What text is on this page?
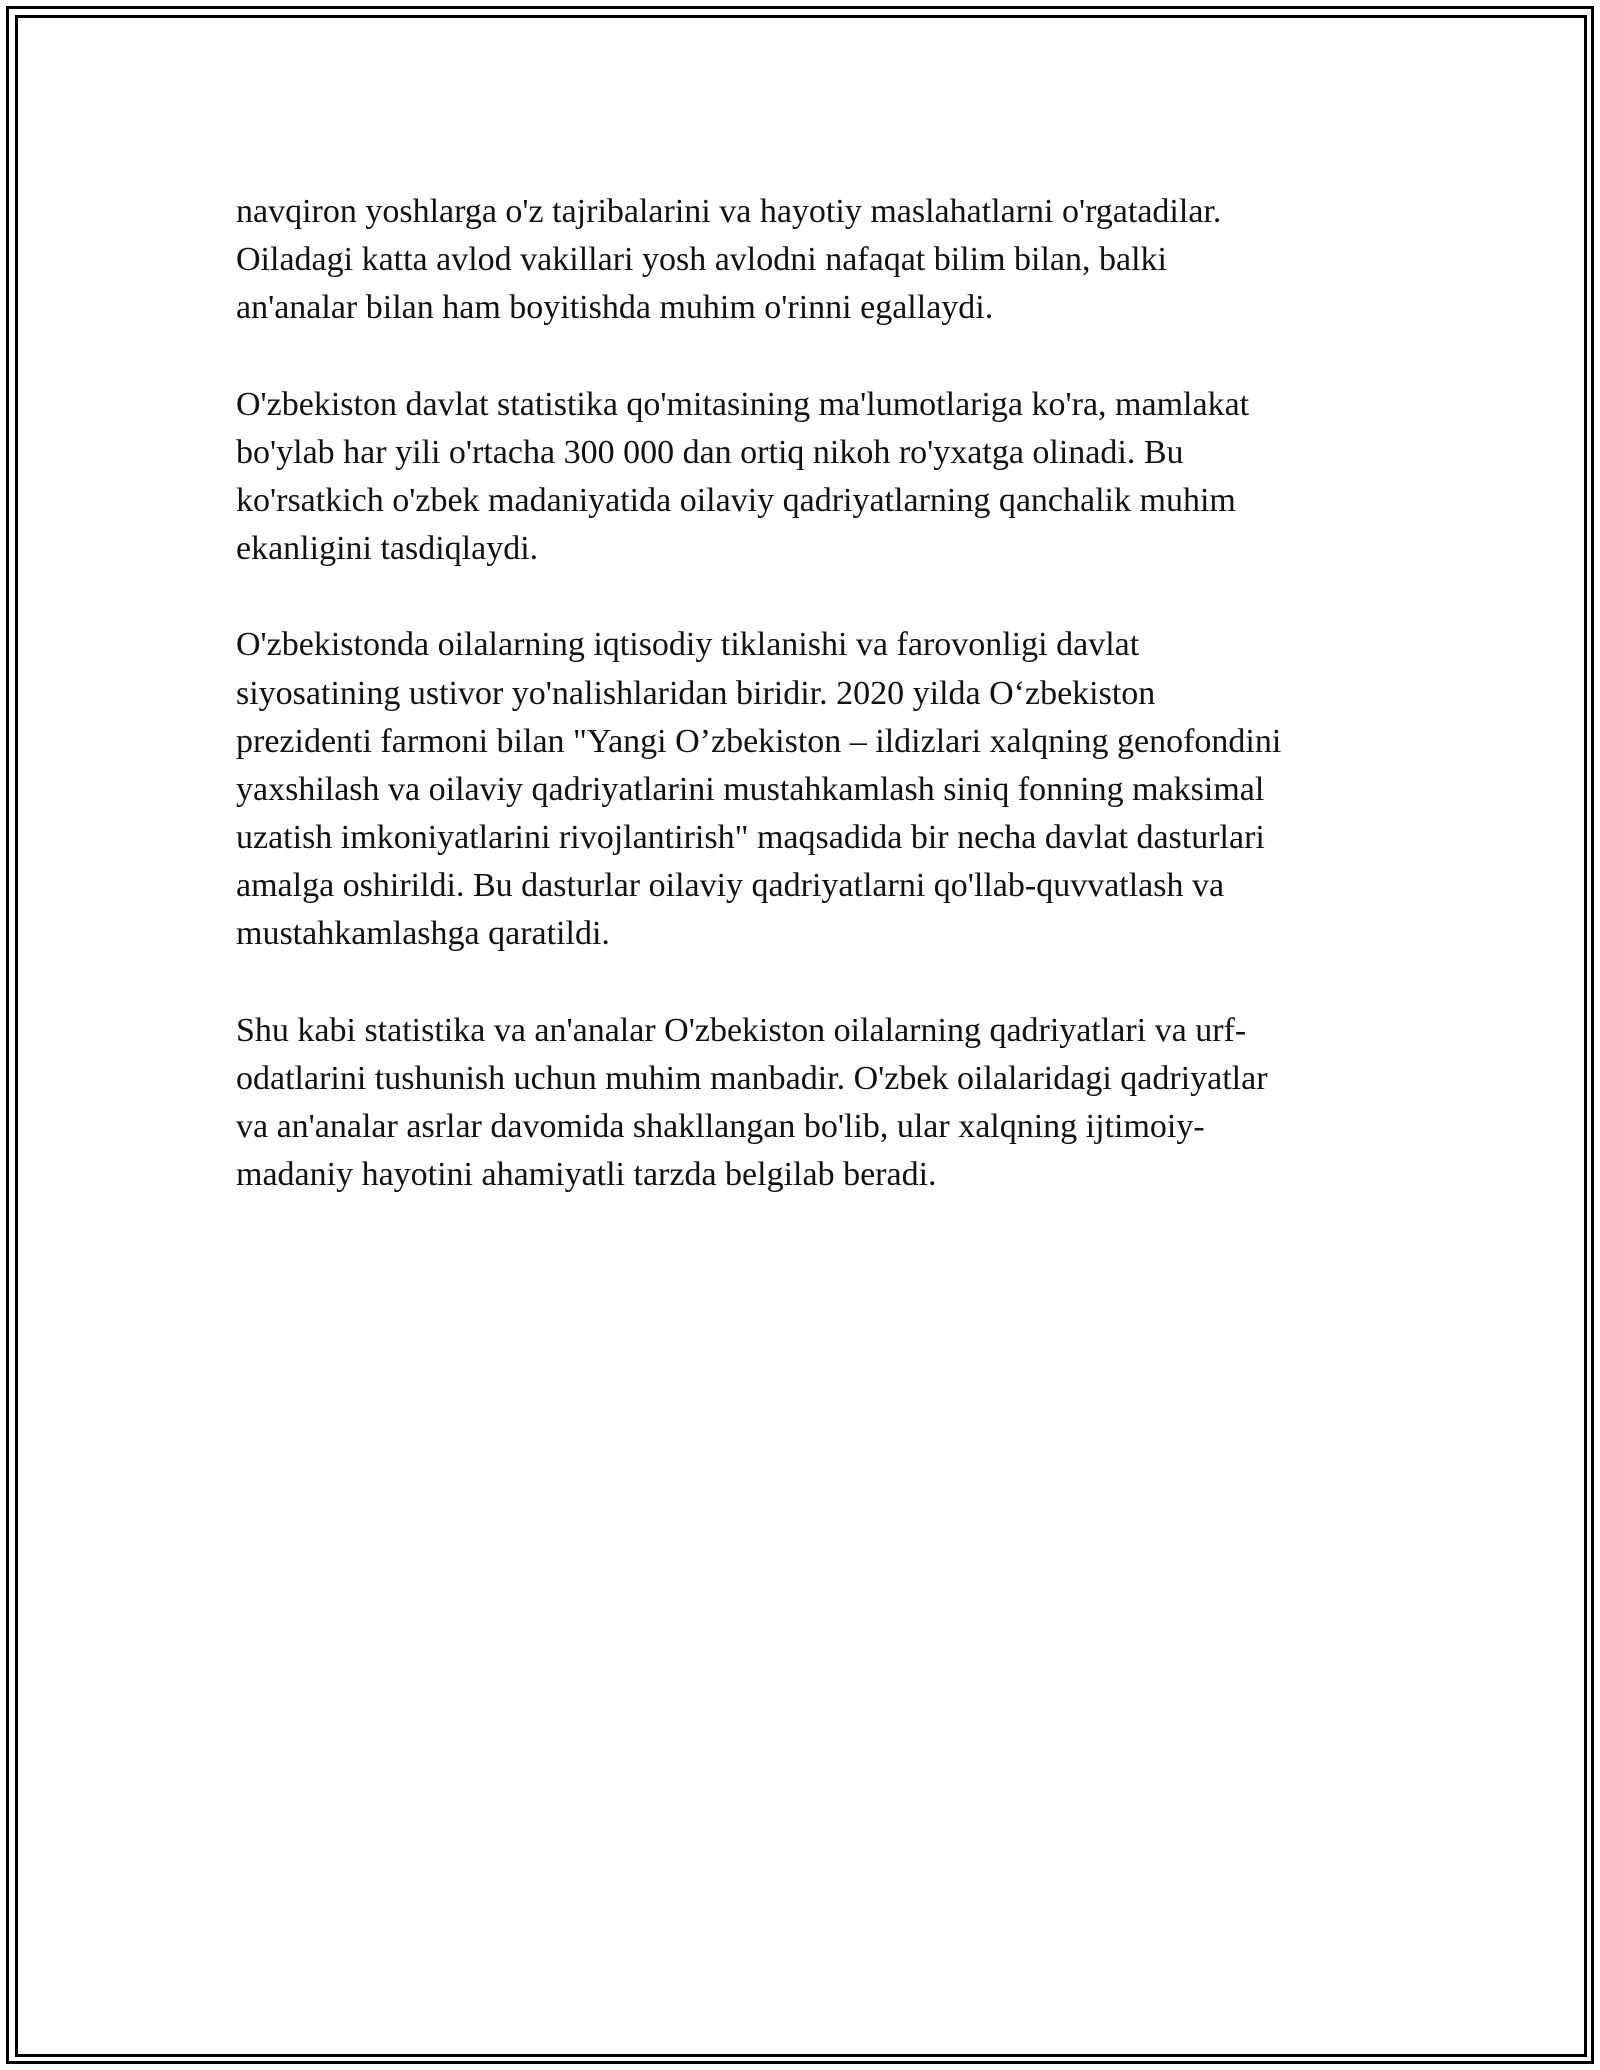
navqiron yoshlarga o'z tajribalarini va hayotiy maslahatlarni o'rgatadilar.
Oiladagi katta avlod vakillari yosh avlodni nafaqat bilim bilan, balki
an'analar bilan ham boyitishda muhim o'rinni egallaydi.

O'zbekiston davlat statistika qo'mitasining ma'lumotlariga ko'ra, mamlakat
bo'ylab har yili o'rtacha 300 000 dan ortiq nikoh ro'yxatga olinadi. Bu
ko'rsatkich o'zbek madaniyatida oilaviy qadriyatlarning qanchalik muhim
ekanligini tasdiqlaydi.

O'zbekistonda oilalarning iqtisodiy tiklanishi va farovonligi davlat
siyosatining ustivor yo'nalishlaridan biridir. 2020 yilda O‘zbekiston
prezidenti farmoni bilan "Yangi O’zbekiston – ildizlari xalqning genofondini
yaxshilash va oilaviy qadriyatlarini mustahkamlash siniq fonning maksimal
uzatish imkoniyatlarini rivojlantirish" maqsadida bir necha davlat dasturlari
amalga oshirildi. Bu dasturlar oilaviy qadriyatlarni qo'llab-quvvatlash va
mustahkamlashga qaratildi.

Shu kabi statistika va an'analar O'zbekiston oilalarning qadriyatlari va urf-
odatlarini tushunish uchun muhim manbadir. O'zbek oilalaridagi qadriyatlar
va an'analar asrlar davomida shakllangan bo'lib, ular xalqning ijtimoiy-
madaniy hayotini ahamiyatli tarzda belgilab beradi.
